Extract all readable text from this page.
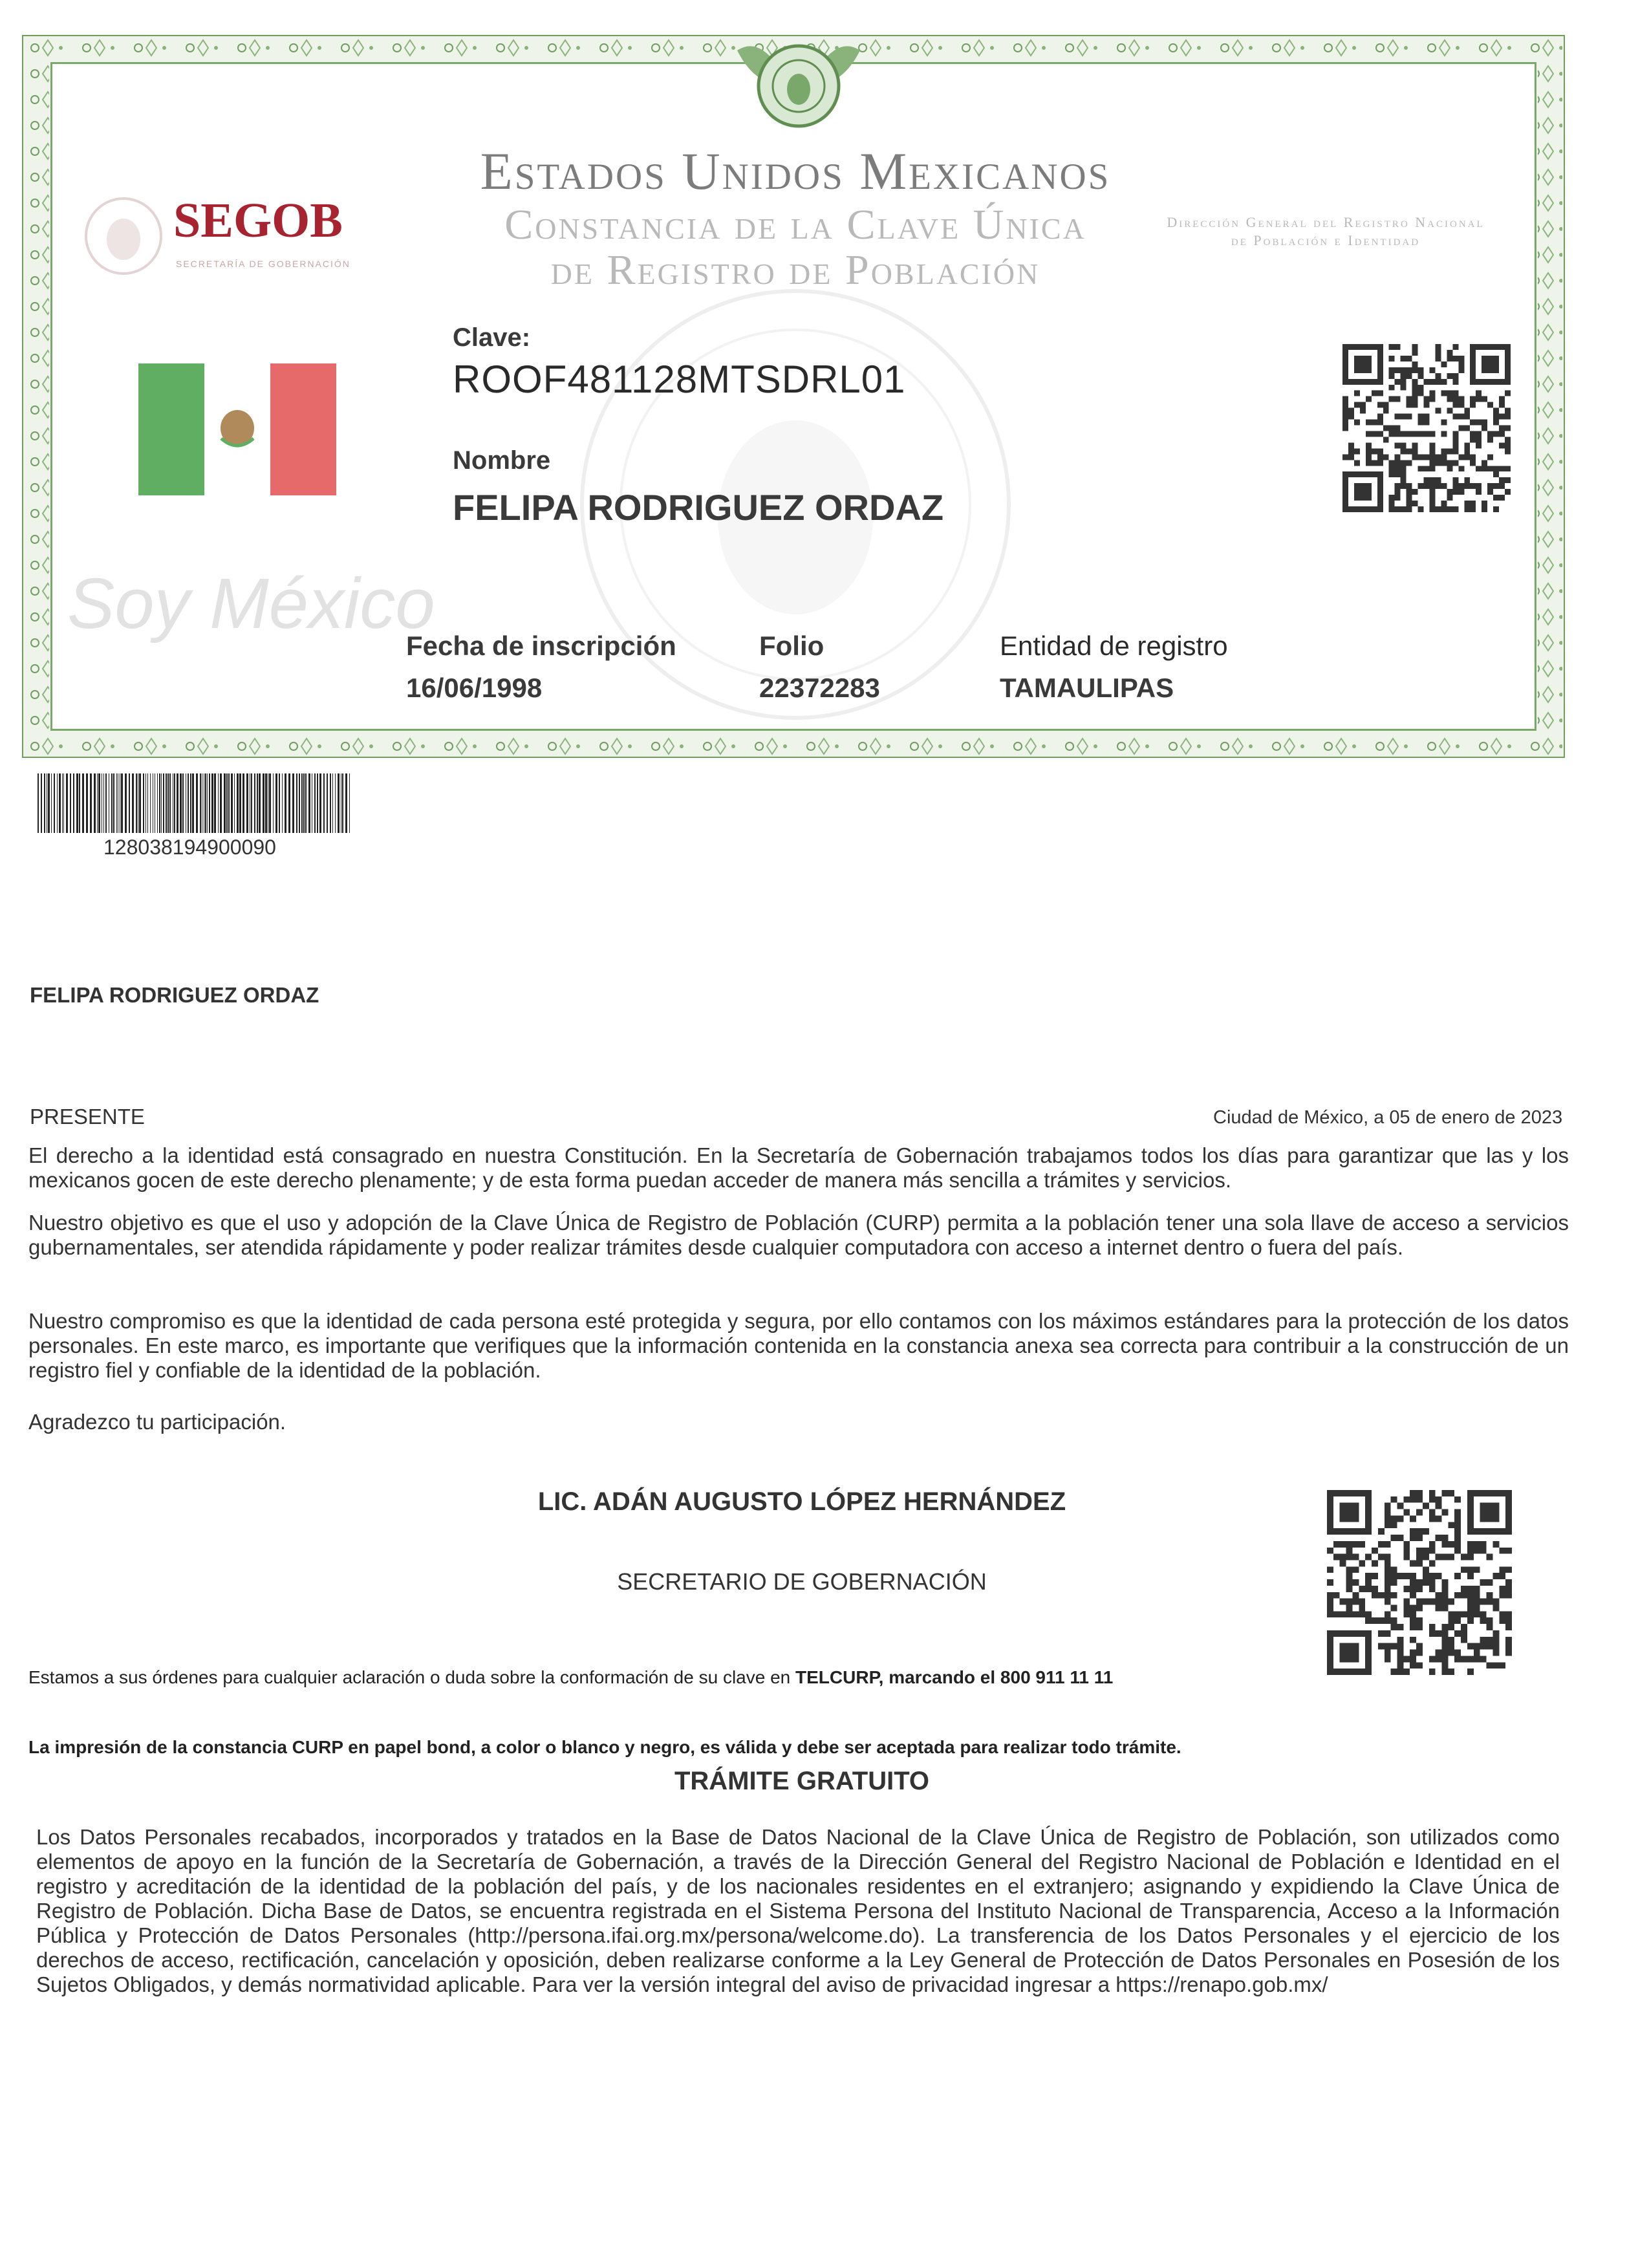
Soy México
Estados Unidos Mexicanos
Constancia de la Clave Única
de Registro de Población
Dirección General del Registro Nacional de Población e Identidad
SEGOB
SECRETARÍA DE GOBERNACIÓN
Clave:
ROOF481128MTSDRL01
Nombre
FELIPA RODRIGUEZ ORDAZ
Fecha de inscripción
16/06/1998
Folio
22372283
Entidad de registro
TAMAULIPAS
128038194900090
FELIPA RODRIGUEZ ORDAZ
PRESENTE	Ciudad de México, a 05 de enero de 2023
El derecho a la identidad está consagrado en nuestra Constitución. En la Secretaría de Gobernación trabajamos todos los días para garantizar que las y los mexicanos gocen de este derecho plenamente; y de esta forma puedan acceder de manera más sencilla a trámites y servicios.
Nuestro objetivo es que el uso y adopción de la Clave Única de Registro de Población (CURP) permita a la población tener una sola llave de acceso a servicios gubernamentales, ser atendida rápidamente y poder realizar trámites desde cualquier computadora con acceso a internet dentro o fuera del país.
Nuestro compromiso es que la identidad de cada persona esté protegida y segura, por ello contamos con los máximos estándares para la protección de los datos personales. En este marco, es importante que verifiques que la información contenida en la constancia anexa sea correcta para contribuir a la construcción de un registro fiel y confiable de la identidad de la población.
Agradezco tu participación.
LIC. ADÁN AUGUSTO LÓPEZ HERNÁNDEZ
SECRETARIO DE GOBERNACIÓN
Estamos a sus órdenes para cualquier aclaración o duda sobre la conformación de su clave en TELCURP, marcando el 800 911 11 11
La impresión de la constancia CURP en papel bond, a color o blanco y negro, es válida y debe ser aceptada para realizar todo trámite.
TRÁMITE GRATUITO
Los Datos Personales recabados, incorporados y tratados en la Base de Datos Nacional de la Clave Única de Registro de Población, son utilizados como elementos de apoyo en la función de la Secretaría de Gobernación, a través de la Dirección General del Registro Nacional de Población e Identidad en el registro y acreditación de la identidad de la población del país, y de los nacionales residentes en el extranjero; asignando y expidiendo la Clave Única de Registro de Población. Dicha Base de Datos, se encuentra registrada en el Sistema Persona del Instituto Nacional de Transparencia, Acceso a la Información Pública y Protección de Datos Personales (http://persona.ifai.org.mx/persona/welcome.do). La transferencia de los Datos Personales y el ejercicio de los derechos de acceso, rectificación, cancelación y oposición, deben realizarse conforme a la Ley General de Protección de Datos Personales en Posesión de los Sujetos Obligados, y demás normatividad aplicable. Para ver la versión integral del aviso de privacidad ingresar a https://renapo.gob.mx/
